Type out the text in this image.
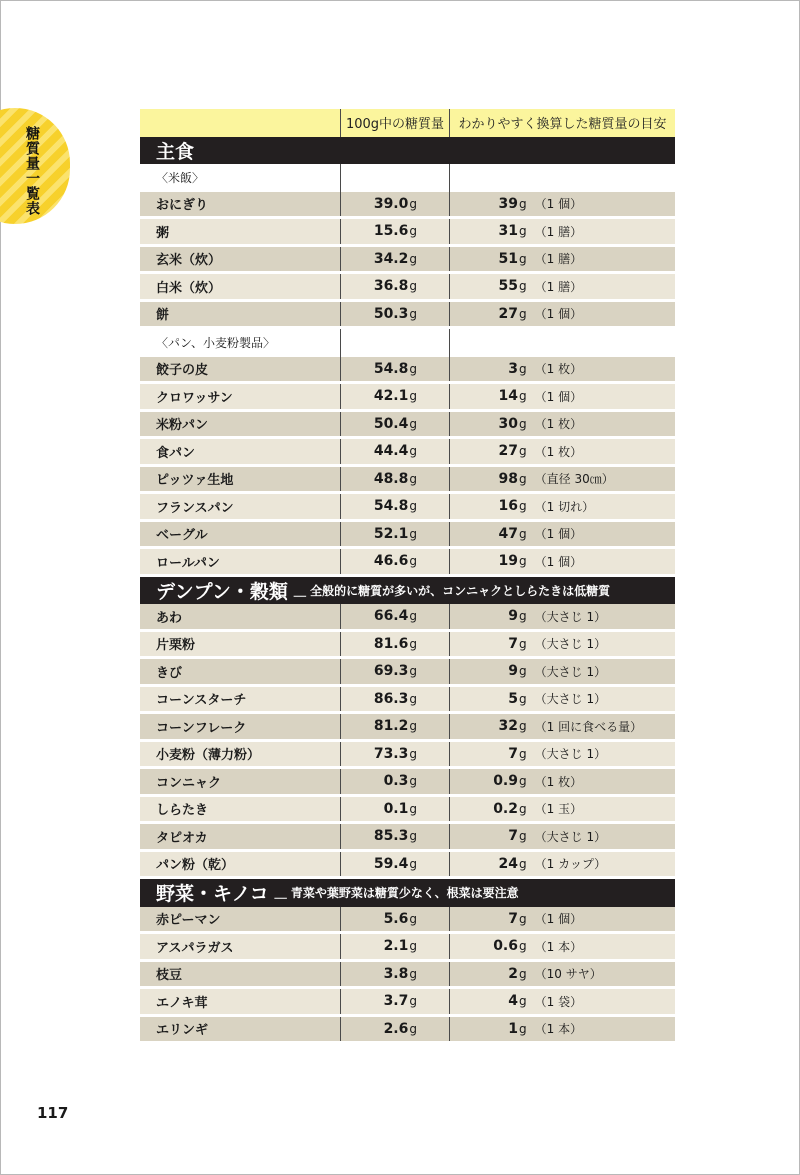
糖質量一覧表
100g中の糖質量	わかりやすく換算した糖質量の目安
主食
〈米飯〉
おにぎり	39.0 g	39 g （1 個）
粥	15.6 g	31 g （1 膳）
玄米（炊）	34.2 g	51 g （1 膳）
白米（炊）	36.8 g	55 g （1 膳）
餅	50.3 g	27 g （1 個）
〈パン、小麦粉製品〉
餃子の皮	54.8 g	3 g （1 枚）
クロワッサン	42.1 g	14 g （1 個）
米粉パン	50.4 g	30 g （1 枚）
食パン	44.4 g	27 g （1 枚）
ピッツァ生地	48.8 g	98 g （直径 30㎝）
フランスパン	54.8 g	16 g （1 切れ）
ベーグル	52.1 g	47 g （1 個）
ロールパン	46.6 g	19 g （1 個）
デンプン・穀類	＿ 全般的に糖質が多いが、コンニャクとしらたきは低糖質
あわ	66.4 g	9 g （大さじ 1）
片栗粉	81.6 g	7 g （大さじ 1）
きび	69.3 g	9 g （大さじ 1）
コーンスターチ	86.3 g	5 g （大さじ 1）
コーンフレーク	81.2 g	32 g （1 回に食べる量）
小麦粉（薄力粉）	73.3 g	7 g （大さじ 1）
コンニャク	0.3 g	0.9 g （1 枚）
しらたき	0.1 g	0.2 g （1 玉）
タピオカ	85.3 g	7 g （大さじ 1）
パン粉（乾）	59.4 g	24 g （1 カップ）
野菜・キノコ	＿ 青菜や葉野菜は糖質少なく、根菜は要注意
赤ピーマン	5.6 g	7 g （1 個）
アスパラガス	2.1 g	0.6 g （1 本）
枝豆	3.8 g	2 g （10 サヤ）
エノキ茸	3.7 g	4 g （1 袋）
エリンギ	2.6 g	1 g （1 本）
117
